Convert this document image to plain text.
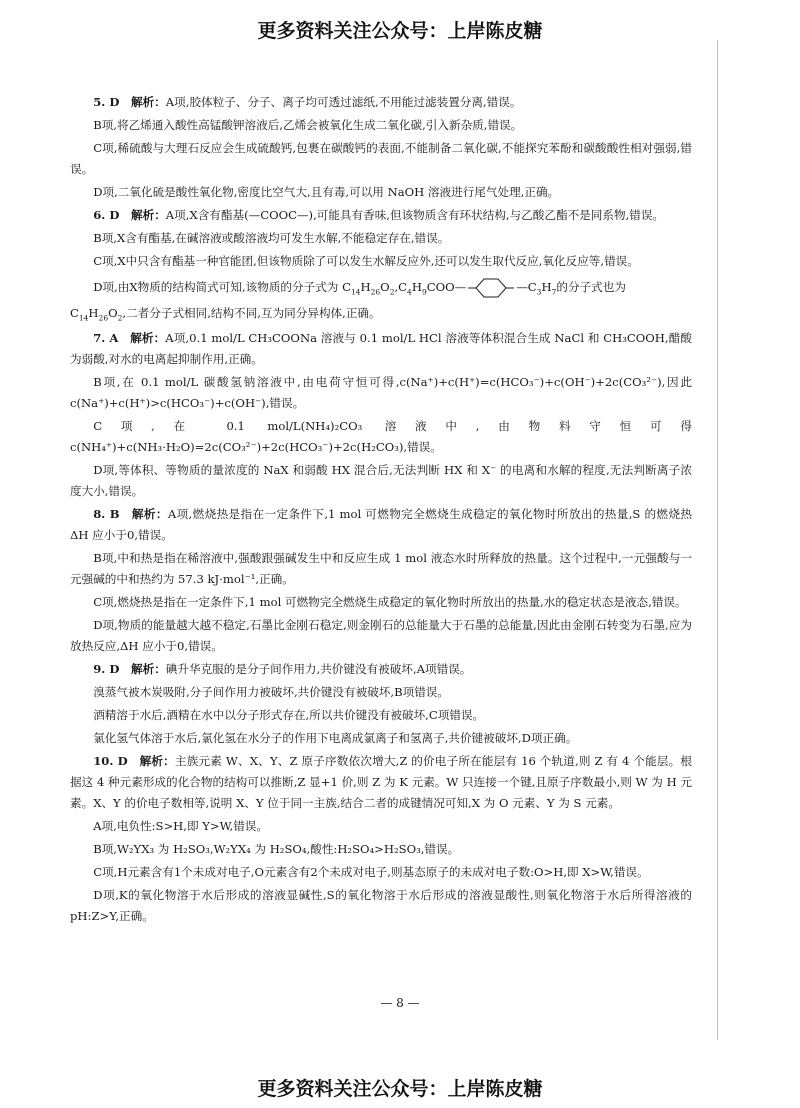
更多资料关注公众号：上岸陈皮糖

5. D　 解析：A项,胶体粒子、分子、离子均可透过滤纸,不用能过滤装置分离,错误。

B项,将乙烯通入酸性高锰酸钾溶液后,乙烯会被氧化生成二氧化碳,引入新杂质,错误。

C项,稀硫酸与大理石反应会生成硫酸钙,包裹在碳酸钙的表面,不能制备二氧化碳,不能探究苯酚和碳酸酸性相对强弱,错误。

D项,二氧化硫是酸性氧化物,密度比空气大,且有毒,可以用 NaOH 溶液进行尾气处理,正确。

6. D　 解析：A项,X含有酯基(—COOC—),可能具有香味,但该物质含有环状结构,与乙酸乙酯不是同系物,错误。

B项,X含有酯基,在碱溶液或酸溶液均可发生水解,不能稳定存在,错误。

C项,X中只含有酯基一种官能团,但该物质除了可以发生水解反应外,还可以发生取代反应,氧化反应等,错误。

D项,由X物质的结构简式可知,该物质的分子式为 $C_{14}H_{26}O_2,C_4H_9COO—$	$—C_3H_7$的分子式也为
$C_{14}H_{26}O_2$,二者分子式相同,结构不同,互为同分异构体,正确。

7. A　 解析：A项,0.1 mol/L CH₃COONa 溶液与 0.1 mol/L HCl 溶液等体积混合生成 NaCl 和 CH₃COOH,醋酸为弱酸,对水的电离起抑制作用,正确。

B项,在 0.1 mol/L 碳酸氢钠溶液中,由电荷守恒可得,c(Na⁺)+c(H⁺)=c(HCO₃⁻)+c(OH⁻)+2c(CO₃²⁻),因此 c(Na⁺)+c(H⁺)>c(HCO₃⁻)+c(OH⁻),错误。

C项,在 0.1 mol/L(NH₄)₂CO₃ 溶液中,由物料守恒可得 c(NH₄⁺)+c(NH₃·H₂O)=2c(CO₃²⁻)+2c(HCO₃⁻)+2c(H₂CO₃),错误。

D项,等体积、等物质的量浓度的 NaX 和弱酸 HX 混合后,无法判断 HX 和 X⁻ 的电离和水解的程度,无法判断离子浓度大小,错误。

8. B　 解析：A项,燃烧热是指在一定条件下,1 mol 可燃物完全燃烧生成稳定的氧化物时所放出的热量,S 的燃烧热 ΔH 应小于0,错误。

B项,中和热是指在稀溶液中,强酸跟强碱发生中和反应生成 1 mol 液态水时所释放的热量。这个过程中,一元强酸与一元强碱的中和热约为 57.3 kJ·mol⁻¹,正确。

C项,燃烧热是指在一定条件下,1 mol 可燃物完全燃烧生成稳定的氧化物时所放出的热量,水的稳定状态是液态,错误。

D项,物质的能量越大越不稳定,石墨比金刚石稳定,则金刚石的总能量大于石墨的总能量,因此由金刚石转变为石墨,应为放热反应,ΔH 应小于0,错误。

9. D　 解析：碘升华克服的是分子间作用力,共价键没有被破坏,A项错误。

溴蒸气被木炭吸附,分子间作用力被破坏,共价键没有被破坏,B项错误。

酒精溶于水后,酒精在水中以分子形式存在,所以共价键没有被破坏,C项错误。

氯化氢气体溶于水后,氯化氢在水分子的作用下电离成氯离子和氢离子,共价键被破坏,D项正确。

10. D　 解析：主族元素 W、X、Y、Z 原子序数依次增大,Z 的价电子所在能层有 16 个轨道,则 Z 有 4 个能层。根据这 4 种元素形成的化合物的结构可以推断,Z 显+1 价,则 Z 为 K 元素。W 只连接一个键,且原子序数最小,则 W 为 H 元素。X、Y 的价电子数相等,说明 X、Y 位于同一主族,结合二者的成键情况可知,X 为 O 元素、Y 为 S 元素。

A项,电负性:S>H,即 Y>W,错误。

B项,W₂YX₃ 为 H₂SO₃,W₂YX₄ 为 H₂SO₄,酸性:H₂SO₄>H₂SO₃,错误。

C项,H元素含有1个未成对电子,O元素含有2个未成对电子,则基态原子的未成对电子数:O>H,即 X>W,错误。

D项,K的氧化物溶于水后形成的溶液显碱性,S的氧化物溶于水后形成的溶液显酸性,则氧化物溶于水后所得溶液的 pH:Z>Y,正确。

— 8 —
更多资料关注公众号：上岸陈皮糖
